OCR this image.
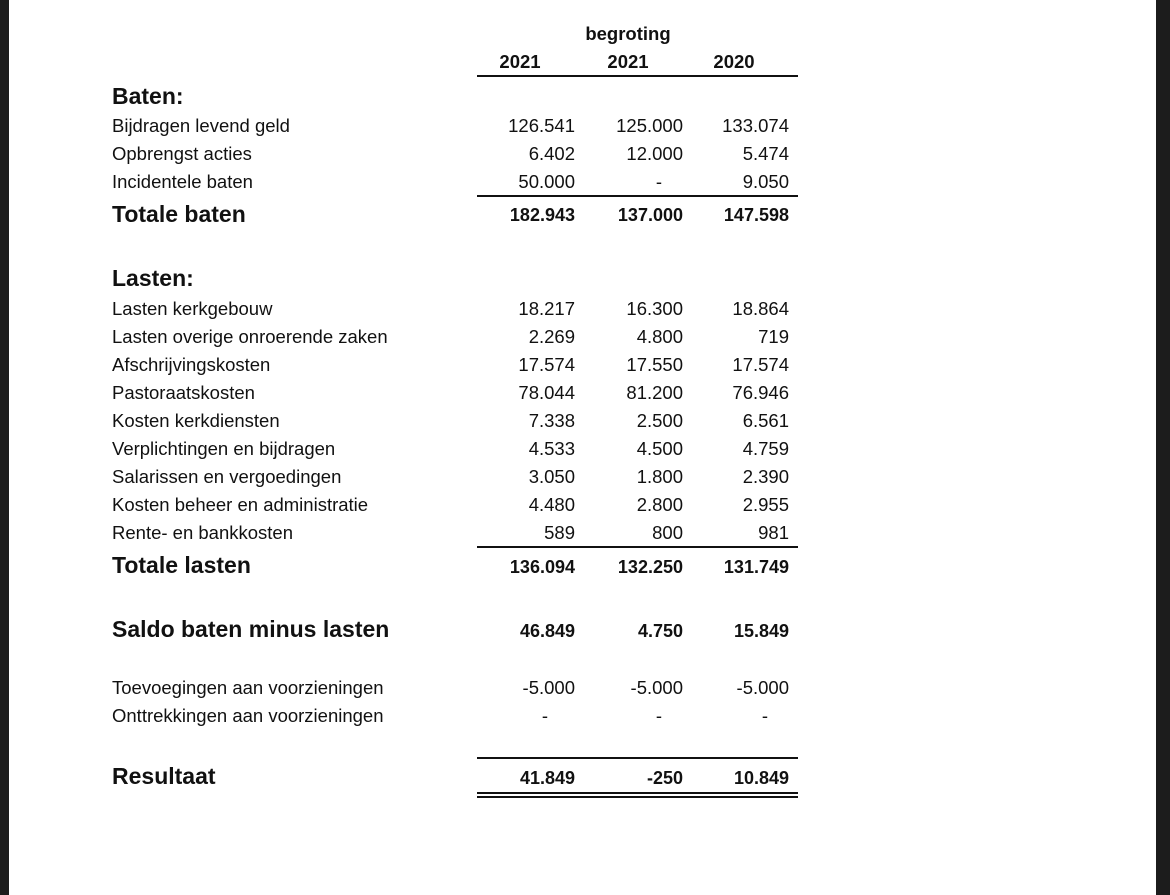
begroting
2021	2021	2020
Baten:
Bijdragen levend geld	126.541	125.000	133.074
Opbrengst acties	6.402	12.000	5.474
Incidentele baten	50.000	-	9.050
Totale baten	182.943	137.000	147.598
Lasten:
Lasten kerkgebouw	18.217	16.300	18.864
Lasten overige onroerende zaken	2.269	4.800	719
Afschrijvingskosten	17.574	17.550	17.574
Pastoraatskosten	78.044	81.200	76.946
Kosten kerkdiensten	7.338	2.500	6.561
Verplichtingen en bijdragen	4.533	4.500	4.759
Salarissen en vergoedingen	3.050	1.800	2.390
Kosten beheer en administratie	4.480	2.800	2.955
Rente- en bankkosten	589	800	981
Totale lasten	136.094	132.250	131.749
Saldo baten minus lasten	46.849	4.750	15.849
Toevoegingen aan voorzieningen	-5.000	-5.000	-5.000
Onttrekkingen aan voorzieningen	-	-	-
Resultaat	41.849	-250	10.849
